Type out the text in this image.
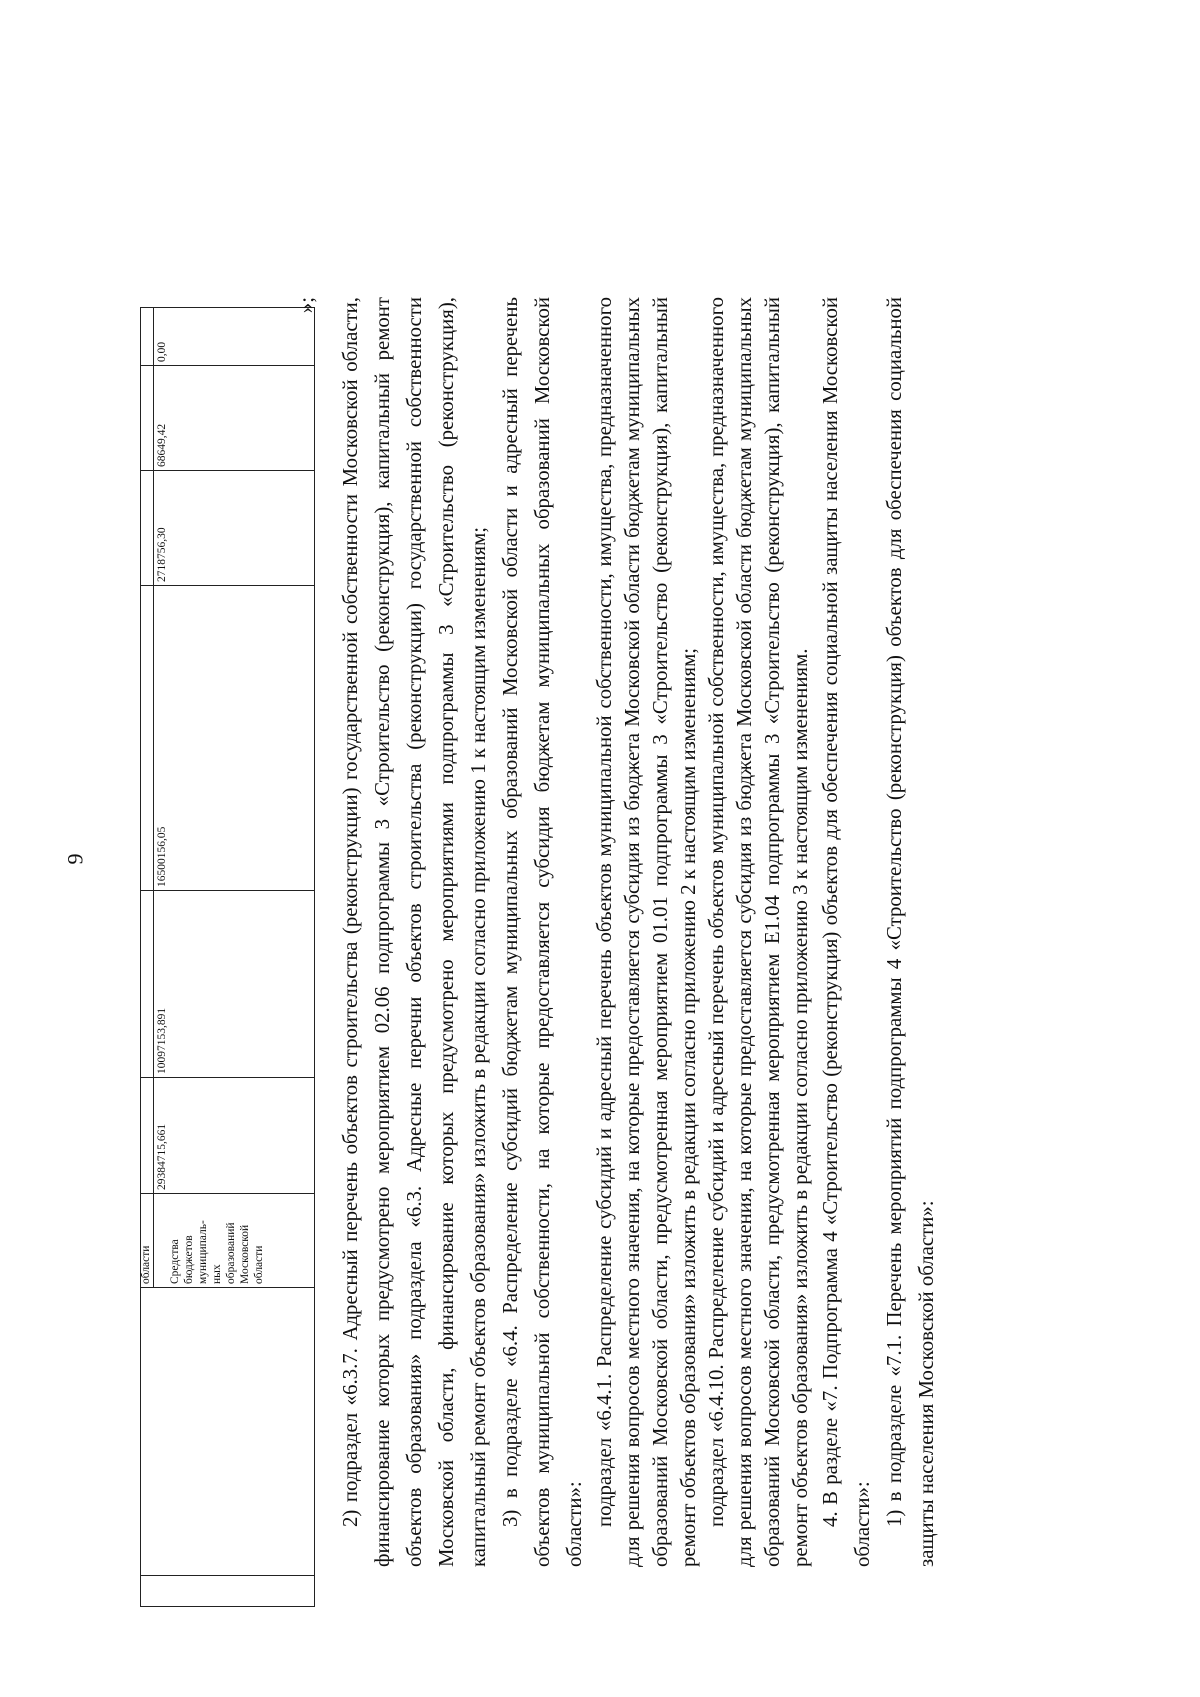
9
области Средства бюджетов муниципаль- ных образований Московской области
29384715,661
10097153,891
16500156,05
2718756,30
68649,42
0,00

»; 2) подраздел «6.3.7. Адресный перечень объектов строительства (реконструкции) государственной собственности Московской области, финансирование которых предусмотрено мероприятием 02.06 подпрограммы 3 «Строительство (реконструкция), капитальный ремонт объектов образования» подраздела «6.3. Адресные перечни объектов строительства (реконструкции) государственной собственности Московской области, финансирование которых предусмотрено мероприятиями подпрограммы 3 «Строительство (реконструкция), капитальный ремонт объектов образования» изложить в редакции согласно приложению 1 к настоящим изменениям; 3) в подразделе «6.4. Распределение субсидий бюджетам муниципальных образований Московской области и адресный перечень объектов муниципальной собственности, на которые предоставляется субсидия бюджетам муниципальных образований Московской области»: подраздел «6.4.1. Распределение субсидий и адресный перечень объектов муниципальной собственности, имущества, предназначенного для решения вопросов местного значения, на которые предоставляется субсидия из бюджета Московской области бюджетам муниципальных образований Московской области, предусмотренная мероприятием 01.01 подпрограммы 3 «Строительство (реконструкция), капитальный ремонт объектов образования» изложить в редакции согласно приложению 2 к настоящим изменениям; подраздел «6.4.10. Распределение субсидий и адресный перечень объектов муниципальной собственности, имущества, предназначенного для решения вопросов местного значения, на которые предоставляется субсидия из бюджета Московской области бюджетам муниципальных образований Московской области, предусмотренная мероприятием Е1.04 подпрограммы 3 «Строительство (реконструкция), капитальный ремонт объектов образования» изложить в редакции согласно приложению 3 к настоящим изменениям. 4. В разделе «7. Подпрограмма 4 «Строительство (реконструкция) объектов для обеспечения социальной защиты населения Московской области»: 1) в подразделе «7.1. Перечень мероприятий подпрограммы 4 «Строительство (реконструкция) объектов для обеспечения социальной защиты населения Московской области»:
